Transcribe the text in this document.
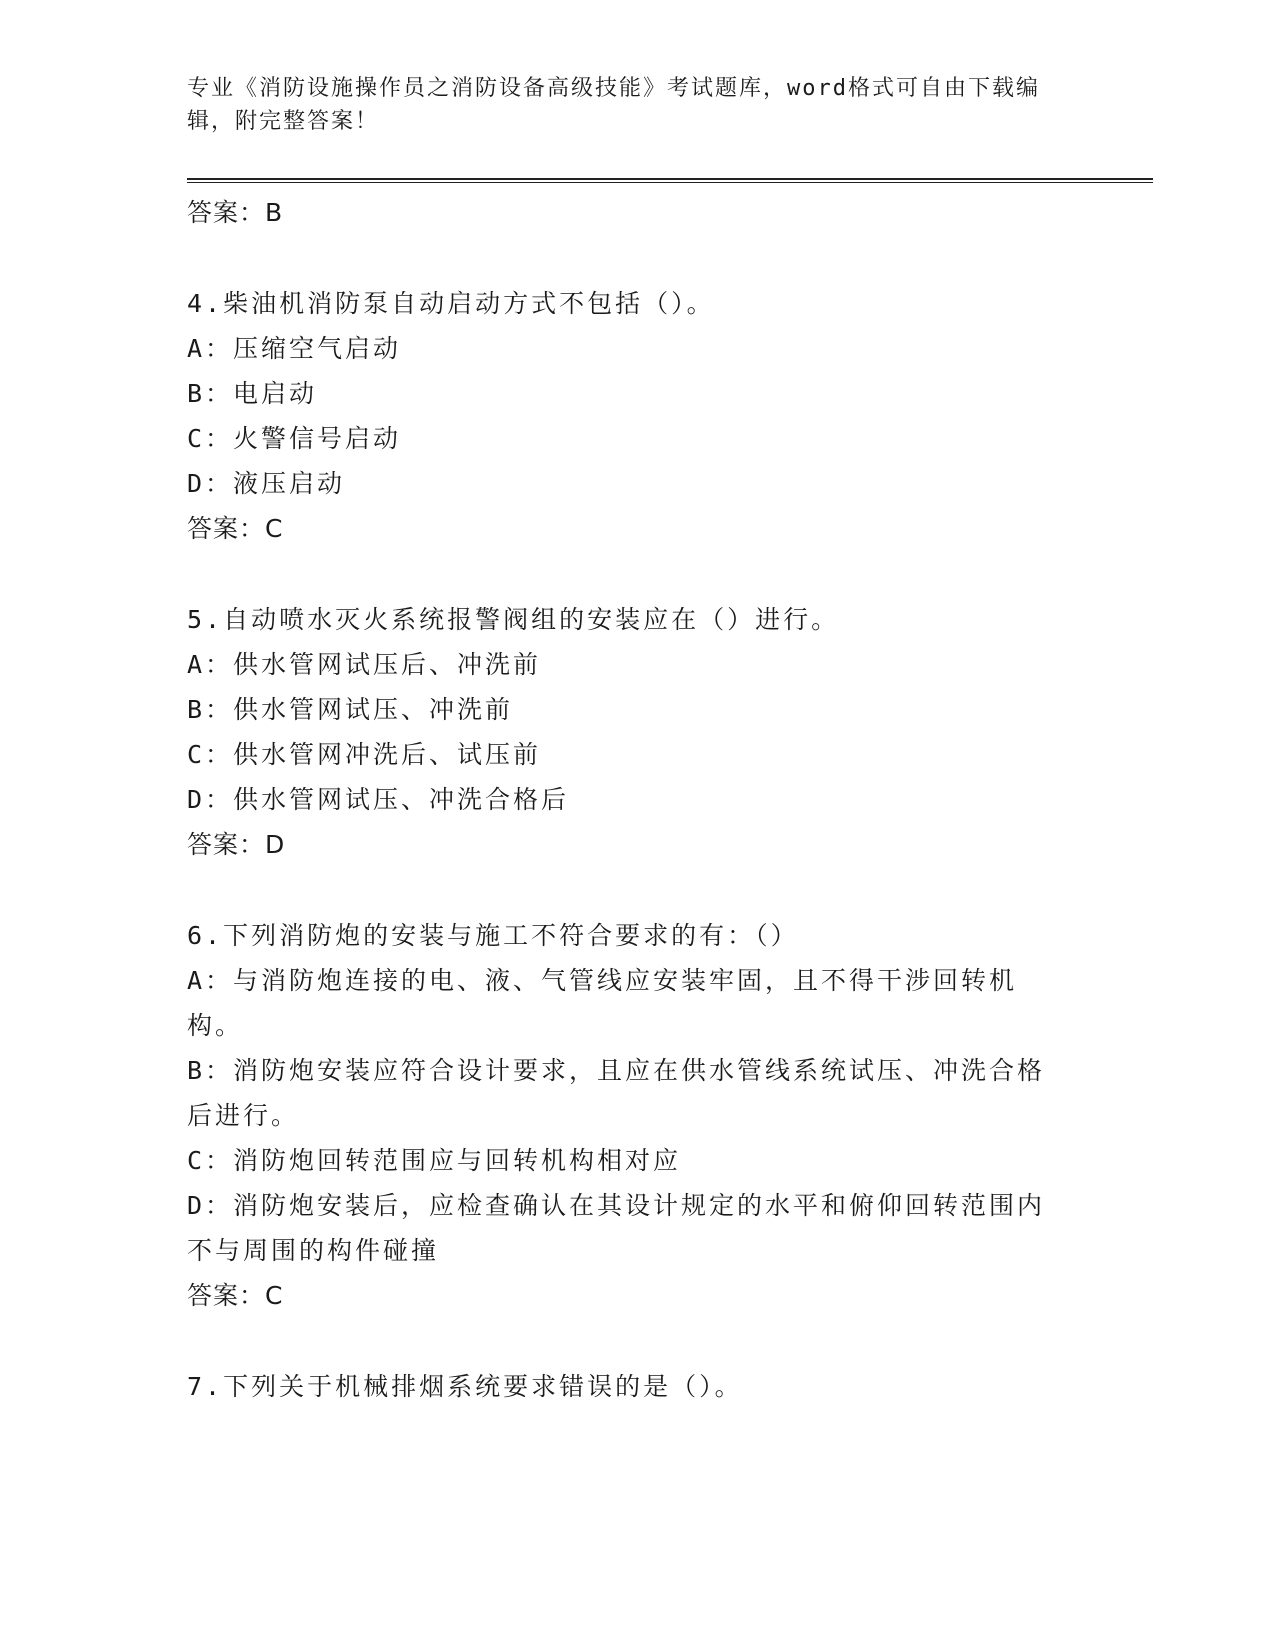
专业《消防设施操作员之消防设备高级技能》考试题库，word格式可自由下载编辑，附完整答案！
答案：B
4.柴油机消防泵自动启动方式不包括（）。
A：压缩空气启动
B：电启动
C：火警信号启动
D：液压启动
答案：C
5.自动喷水灭火系统报警阀组的安装应在（）进行。
A：供水管网试压后、冲洗前
B：供水管网试压、冲洗前
C：供水管网冲洗后、试压前
D：供水管网试压、冲洗合格后
答案：D
6.下列消防炮的安装与施工不符合要求的有：（）
A：与消防炮连接的电、液、气管线应安装牢固，且不得干涉回转机构。
B：消防炮安装应符合设计要求，且应在供水管线系统试压、冲洗合格后进行。
C：消防炮回转范围应与回转机构相对应
D：消防炮安装后，应检查确认在其设计规定的水平和俯仰回转范围内不与周围的构件碰撞
答案：C
7.下列关于机械排烟系统要求错误的是（）。
